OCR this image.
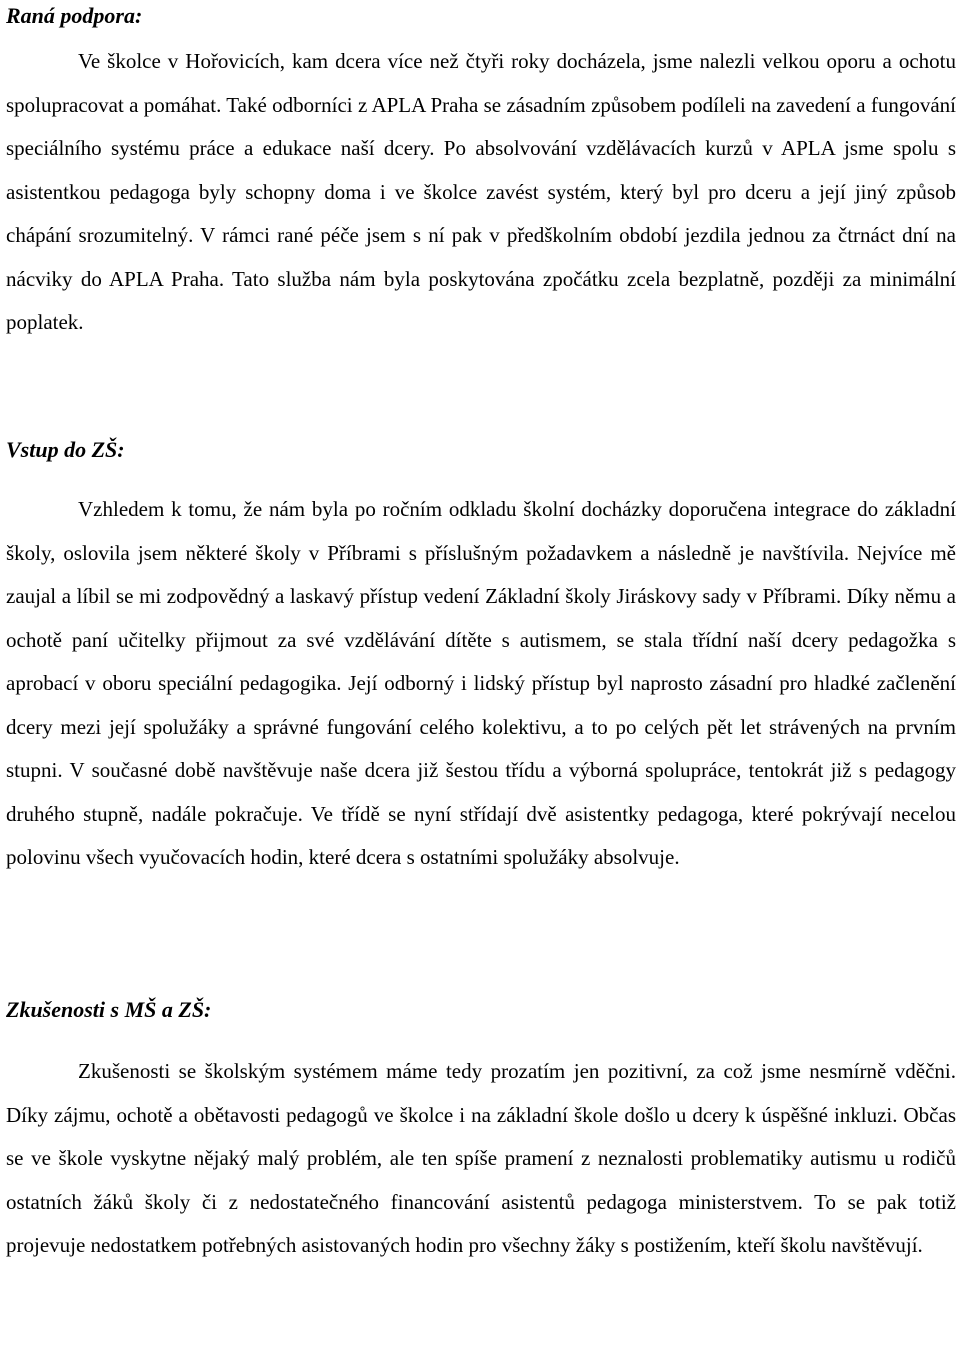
Raná podpora:

Ve školce v Hořovicích, kam dcera více než čtyři roky docházela, jsme nalezli velkou oporu a ochotu spolupracovat a pomáhat. Také odborníci z APLA Praha se zásadním způsobem podíleli na zavedení a fungování speciálního systému práce a edukace naší dcery. Po absolvování vzdělávacích kurzů v APLA jsme spolu s asistentkou pedagoga byly schopny doma i ve školce zavést systém, který byl pro dceru a její jiný způsob chápání srozumitelný. V rámci rané péče jsem s ní pak v předškolním období jezdila jednou za čtrnáct dní na nácviky do APLA Praha. Tato služba nám byla poskytována zpočátku zcela bezplatně, později za minimální poplatek.

Vstup do ZŠ:

Vzhledem k tomu, že nám byla po ročním odkladu školní docházky doporučena integrace do základní školy, oslovila jsem některé školy v Příbrami s příslušným požadavkem a následně je navštívila. Nejvíce mě zaujal a líbil se mi zodpovědný a laskavý přístup vedení Základní školy Jiráskovy sady v Příbrami. Díky němu a ochotě paní učitelky přijmout za své vzdělávání dítěte s autismem, se stala třídní naší dcery pedagožka s aprobací v oboru speciální pedagogika. Její odborný i lidský přístup byl naprosto zásadní pro hladké začlenění dcery mezi její spolužáky a správné fungování celého kolektivu, a to po celých pět let strávených na prvním stupni. V současné době navštěvuje naše dcera již šestou třídu a výborná spolupráce, tentokrát již s pedagogy druhého stupně, nadále pokračuje. Ve třídě se nyní střídají dvě asistentky pedagoga, které pokrývají necelou polovinu všech vyučovacích hodin, které dcera s ostatními spolužáky absolvuje.

Zkušenosti s MŠ a ZŠ:

Zkušenosti se školským systémem máme tedy prozatím jen pozitivní, za což jsme nesmírně vděčni. Díky zájmu, ochotě a obětavosti pedagogů ve školce i na základní škole došlo u dcery k úspěšné inkluzi. Občas se ve škole vyskytne nějaký malý problém, ale ten spíše pramení z neznalosti problematiky autismu u rodičů ostatních žáků školy či z nedostatečného financování asistentů pedagoga ministerstvem. To se pak totiž projevuje nedostatkem potřebných asistovaných hodin pro všechny žáky s postižením, kteří školu navštěvují.
